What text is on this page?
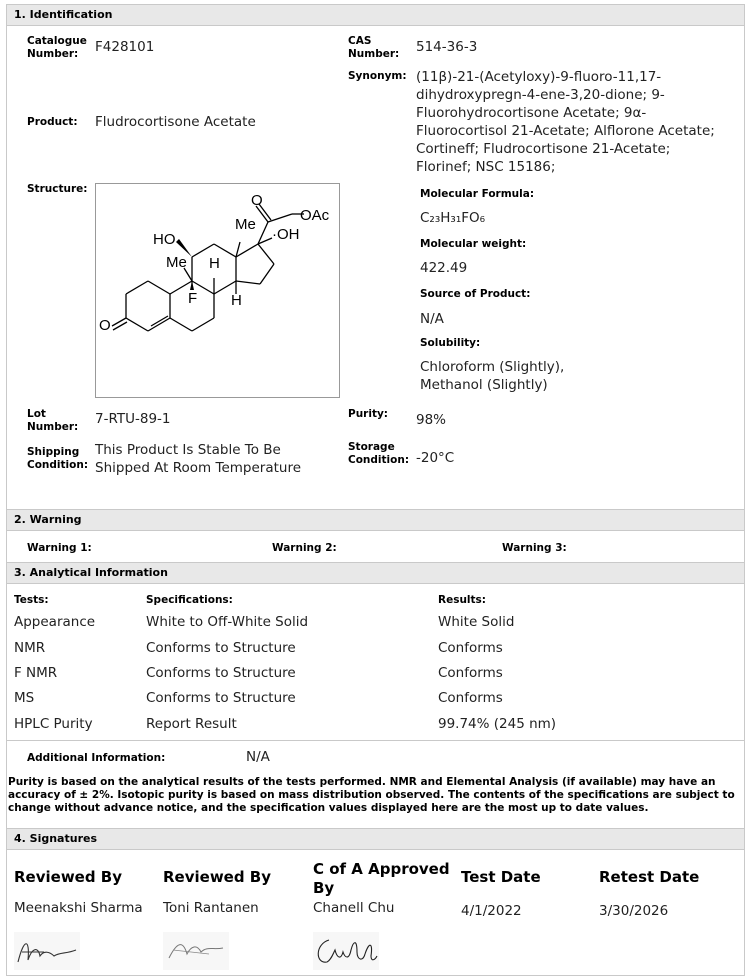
1. Identification
Catalogue Number:	F428101	CAS Number: 514-36-3
Synonym: (11β)-21-(Acetyloxy)-9-fluoro-11,17-dihydroxypregn-4-ene-3,20-dione; 9-Fluorohydrocortisone Acetate; 9α-Fluorocortisol 21-Acetate; Alflorone Acetate; Cortineff; Fludrocortisone 21-Acetate; Florinef; NSC 15186;
Product: Fludrocortisone Acetate
Structure:
O
OAc
Me
HO	·OH
Me H
F H
O
Molecular Formula:
C₂₃H₃₁FO₆
Molecular weight:
422.49
Source of Product:
N/A
Solubility:
Chloroform (Slightly), Methanol (Slightly)
Lot Number: 7-RTU-89-1	Purity: 98%
Shipping Condition:
This Product Is Stable To Be Shipped At Room Temperature
Storage Condition: -20°C
2. Warning
Warning 1:	Warning 2:	Warning 3:
3. Analytical Information
Tests:	Specifications:	Results:
Appearance	White to Off-White Solid	White Solid
NMR	Conforms to Structure	Conforms
F NMR	Conforms to Structure	Conforms
MS	Conforms to Structure	Conforms
HPLC Purity	Report Result	99.74% (245 nm)
Additional Information:	N/A
Purity is based on the analytical results of the tests performed. NMR and Elemental Analysis (if available) may have an accuracy of ± 2%. Isotopic purity is based on mass distribution observed. The contents of the specifications are subject to change without advance notice, and the specification values displayed here are the most up to date values.
4. Signatures
Reviewed By
Meenakshi Sharma
Reviewed By
Toni Rantanen
C of A Approved By
Chanell Chu
Test Date
4/1/2022
Retest Date
3/30/2026
